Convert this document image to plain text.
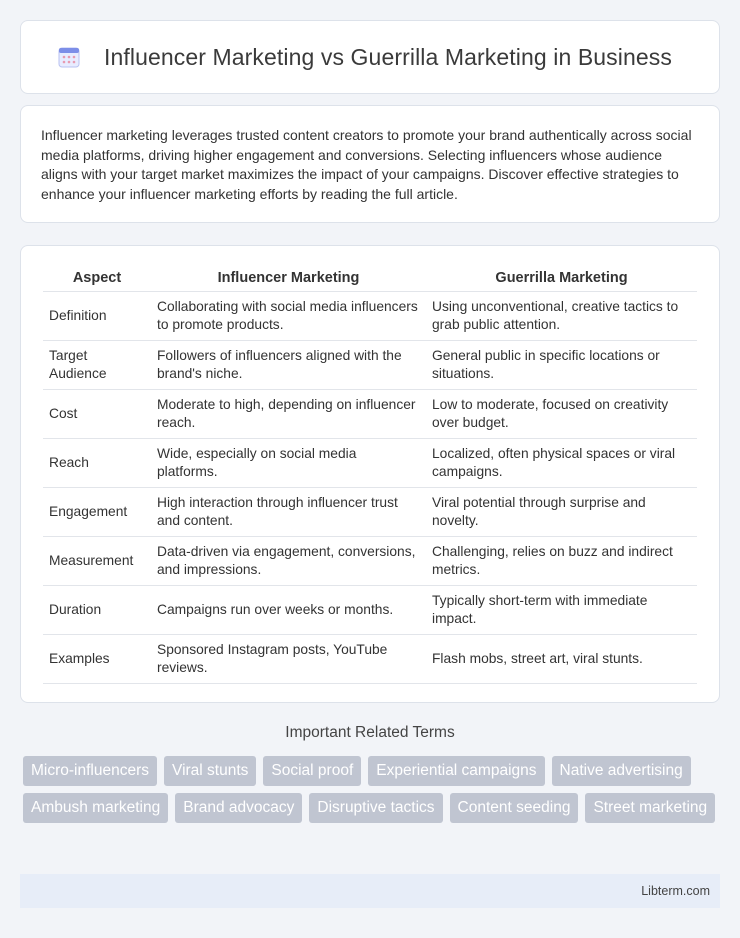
Influencer Marketing vs Guerrilla Marketing in Business

Influencer marketing leverages trusted content creators to promote your brand authentically across social media platforms, driving higher engagement and conversions. Selecting influencers whose audience aligns with your target market maximizes the impact of your campaigns. Discover effective strategies to enhance your influencer marketing efforts by reading the full article.

Aspect	Influencer Marketing	Guerrilla Marketing
Definition	Collaborating with social media influencers to promote products.	Using unconventional, creative tactics to grab public attention.
Target Audience	Followers of influencers aligned with the brand's niche.	General public in specific locations or situations.
Cost	Moderate to high, depending on influencer reach.	Low to moderate, focused on creativity over budget.
Reach	Wide, especially on social media platforms.	Localized, often physical spaces or viral campaigns.
Engagement	High interaction through influencer trust and content.	Viral potential through surprise and novelty.
Measurement	Data-driven via engagement, conversions, and impressions.	Challenging, relies on buzz and indirect metrics.
Duration	Campaigns run over weeks or months.	Typically short-term with immediate impact.
Examples	Sponsored Instagram posts, YouTube reviews.	Flash mobs, street art, viral stunts.
Important Related Terms
Micro-influencers	Viral stunts	Social proof	Experiential campaigns	Native advertising
Ambush marketing	Brand advocacy	Disruptive tactics	Content seeding	Street marketing
Libterm.com
